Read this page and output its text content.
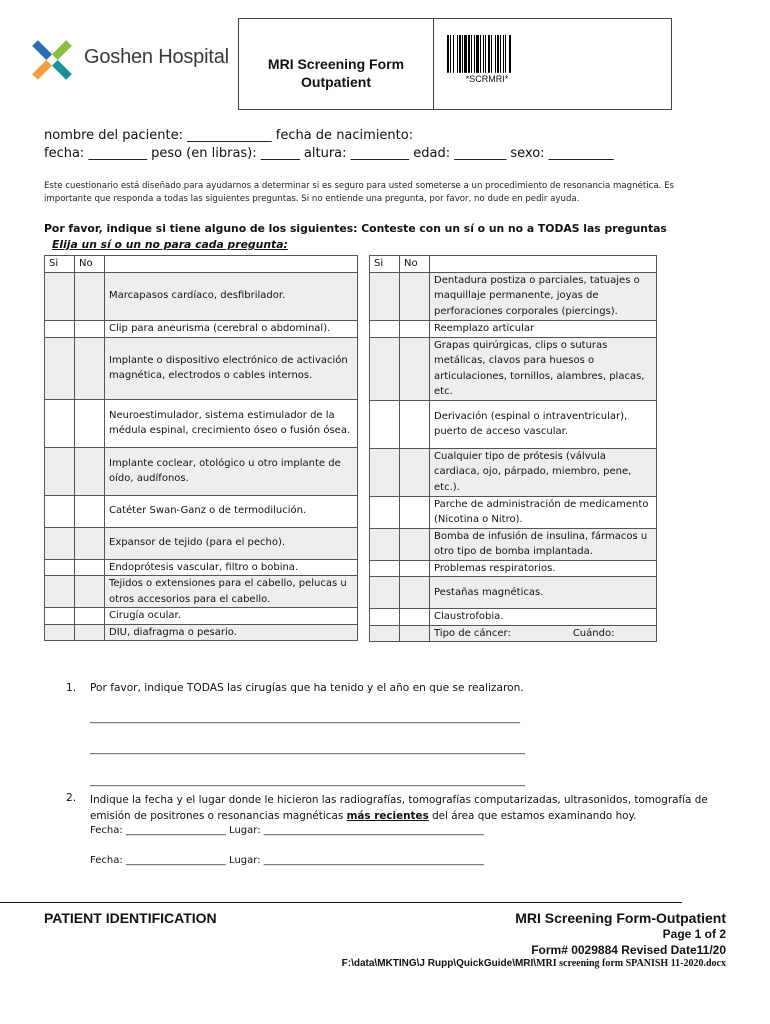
Goshen Hospital	MRI Screening Form
Outpatient	*SCRMRI*
nombre del paciente: _____________ fecha de nacimiento:
fecha: _________ peso (en libras): ______ altura: _________ edad: ________ sexo: __________
Este cuestionario está diseñado para ayudarnos a determinar si es seguro para usted someterse a un procedimiento de resonancia magnética. Es importante que responda a todas las siguientes preguntas. Si no entiende una pregunta, por favor, no dude en pedir ayuda.
Por favor, indique si tiene alguno de los siguientes: Conteste con un sí o un no a TODAS las preguntas
Elija un sí o un no para cada pregunta:
Si	No	
		Marcapasos cardíaco, desfibrilador.
		Clip para aneurisma (cerebral o abdominal).
		Implante o dispositivo electrónico de activación magnética, electrodos o cables internos.
		Neuroestimulador, sistema estimulador de la médula espinal, crecimiento óseo o fusión ósea.
		Implante coclear, otológico u otro implante de oído, audífonos.
		Catéter Swan-Ganz o de termodilución.
		Expansor de tejido (para el pecho).
		Endoprótesis vascular, filtro o bobina.
		Tejidos o extensiones para el cabello, pelucas u otros accesorios para el cabello.
		Cirugía ocular.
		DIU, diafragma o pesario.
Si	No	
		Dentadura postiza o parciales, tatuajes o maquillaje permanente, joyas de perforaciones corporales (piercings).
		Reemplazo articular
		Grapas quirúrgicas, clips o suturas metálicas, clavos para huesos o articulaciones, tornillos, alambres, placas, etc.
		Derivación (espinal o intraventricular), puerto de acceso vascular.
		Cualquier tipo de prótesis (válvula cardiaca, ojo, párpado, miembro, pene, etc.).
		Parche de administración de medicamento (Nicotina o Nitro).
		Bomba de infusión de insulina, fármacos u otro tipo de bomba implantada.
		Problemas respiratorios.
		Pestañas magnéticas.
		Claustrofobia.
		Tipo de cáncer: Cuándo:
1. Por favor, indique TODAS las cirugías que ha tenido y el año en que se realizaron.
______________________________________________________________________________________
_______________________________________________________________________________________
_______________________________________________________________________________________
2. Indique la fecha y el lugar donde le hicieron las radiografías, tomografías computarizadas, ultrasonidos, tomografía de emisión de positrones o resonancias magnéticas más recientes del área que estamos examinando hoy.
Fecha: ____________________ Lugar: ____________________________________________
Fecha: ____________________ Lugar: ____________________________________________
PATIENT IDENTIFICATION	MRI Screening Form-Outpatient
Page 1 of 2
Form# 0029884 Revised Date11/20
F:\data\MKTING\J Rupp\QuickGuide\MRI\MRI screening form SPANISH 11-2020.docx
